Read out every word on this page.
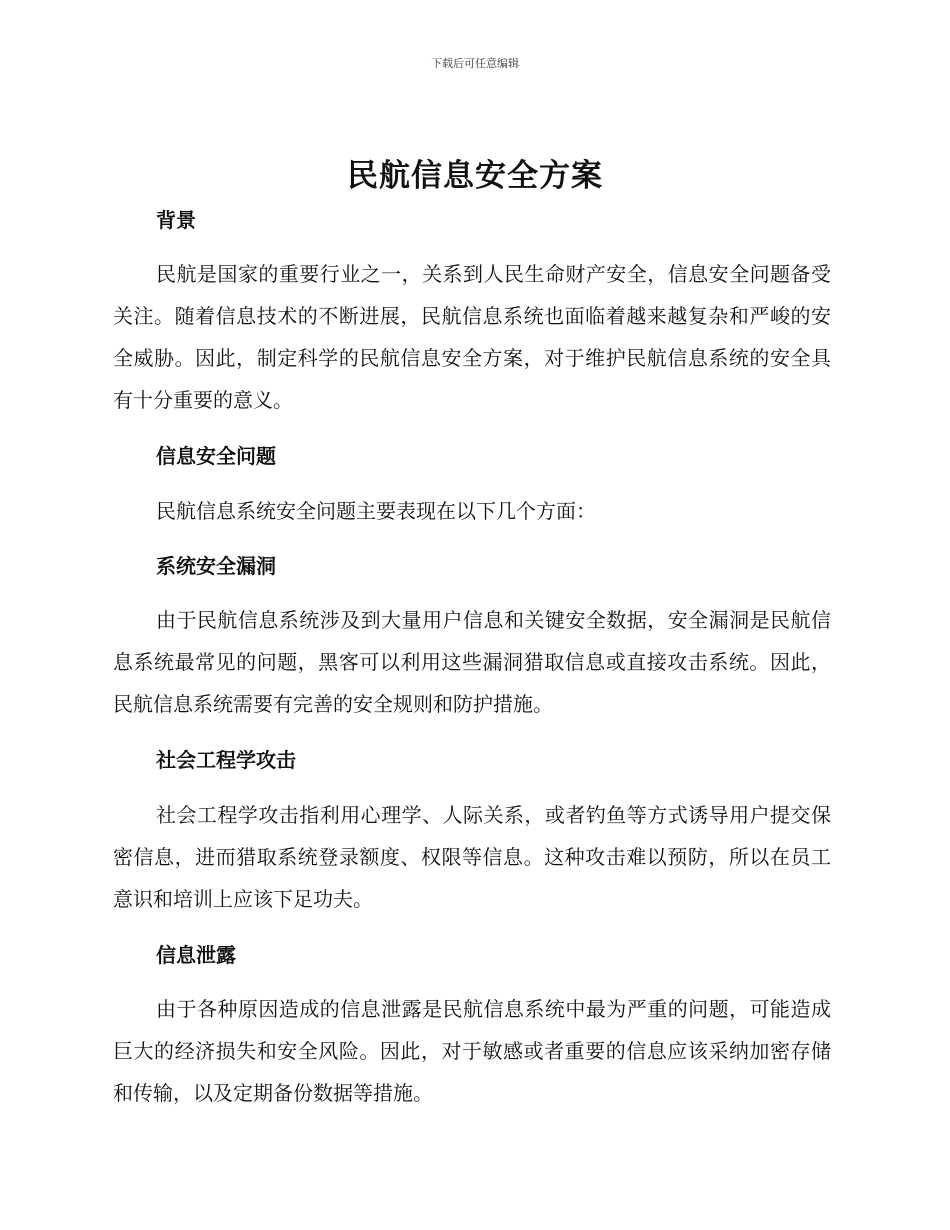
下载后可任意编辑
民航信息安全方案
背景

民航是国家的重要行业之一，关系到人民生命财产安全，信息安全问题备受关注。随着信息技术的不断进展，民航信息系统也面临着越来越复杂和严峻的安全威胁。因此，制定科学的民航信息安全方案，对于维护民航信息系统的安全具有十分重要的意义。

信息安全问题

民航信息系统安全问题主要表现在以下几个方面：

系统安全漏洞

由于民航信息系统涉及到大量用户信息和关键安全数据，安全漏洞是民航信息系统最常见的问题，黑客可以利用这些漏洞猎取信息或直接攻击系统。因此，民航信息系统需要有完善的安全规则和防护措施。

社会工程学攻击

社会工程学攻击指利用心理学、人际关系，或者钓鱼等方式诱导用户提交保密信息，进而猎取系统登录额度、权限等信息。这种攻击难以预防，所以在员工意识和培训上应该下足功夫。

信息泄露

由于各种原因造成的信息泄露是民航信息系统中最为严重的问题，可能造成巨大的经济损失和安全风险。因此，对于敏感或者重要的信息应该采纳加密存储和传输，以及定期备份数据等措施。
